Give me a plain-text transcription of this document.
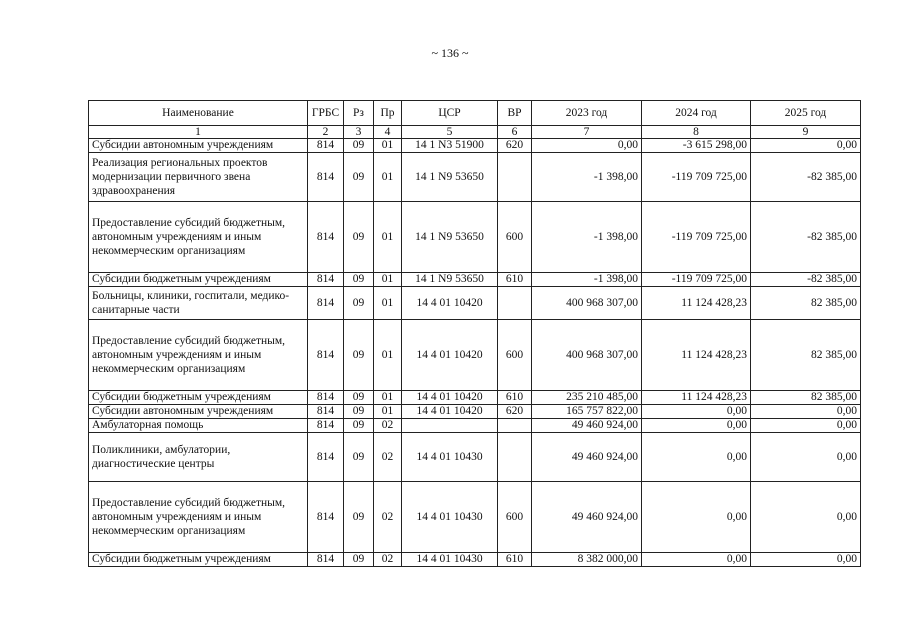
~ 136 ~
Наименование	ГРБС	Рз	Пр	ЦСР	ВР	2023 год	2024 год	2025 год
1	2	3	4	5	6	7	8	9
Субсидии автономным учреждениям	814	09	01	14 1 N3 51900	620	0,00	-3 615 298,00	0,00
Реализация региональных проектов модернизации первичного звена здравоохранения	814	09	01	14 1 N9 53650		-1 398,00	-119 709 725,00	-82 385,00
Предоставление субсидий бюджетным, автономным учреждениям и иным некоммерческим организациям	814	09	01	14 1 N9 53650	600	-1 398,00	-119 709 725,00	-82 385,00
Субсидии бюджетным учреждениям	814	09	01	14 1 N9 53650	610	-1 398,00	-119 709 725,00	-82 385,00
Больницы, клиники, госпитали, медико-санитарные части	814	09	01	14 4 01 10420		400 968 307,00	11 124 428,23	82 385,00
Предоставление субсидий бюджетным, автономным учреждениям и иным некоммерческим организациям	814	09	01	14 4 01 10420	600	400 968 307,00	11 124 428,23	82 385,00
Субсидии бюджетным учреждениям	814	09	01	14 4 01 10420	610	235 210 485,00	11 124 428,23	82 385,00
Субсидии автономным учреждениям	814	09	01	14 4 01 10420	620	165 757 822,00	0,00	0,00
Амбулаторная помощь	814	09	02			49 460 924,00	0,00	0,00
Поликлиники, амбулатории, диагностические центры	814	09	02	14 4 01 10430		49 460 924,00	0,00	0,00
Предоставление субсидий бюджетным, автономным учреждениям и иным некоммерческим организациям	814	09	02	14 4 01 10430	600	49 460 924,00	0,00	0,00
Субсидии бюджетным учреждениям	814	09	02	14 4 01 10430	610	8 382 000,00	0,00	0,00
